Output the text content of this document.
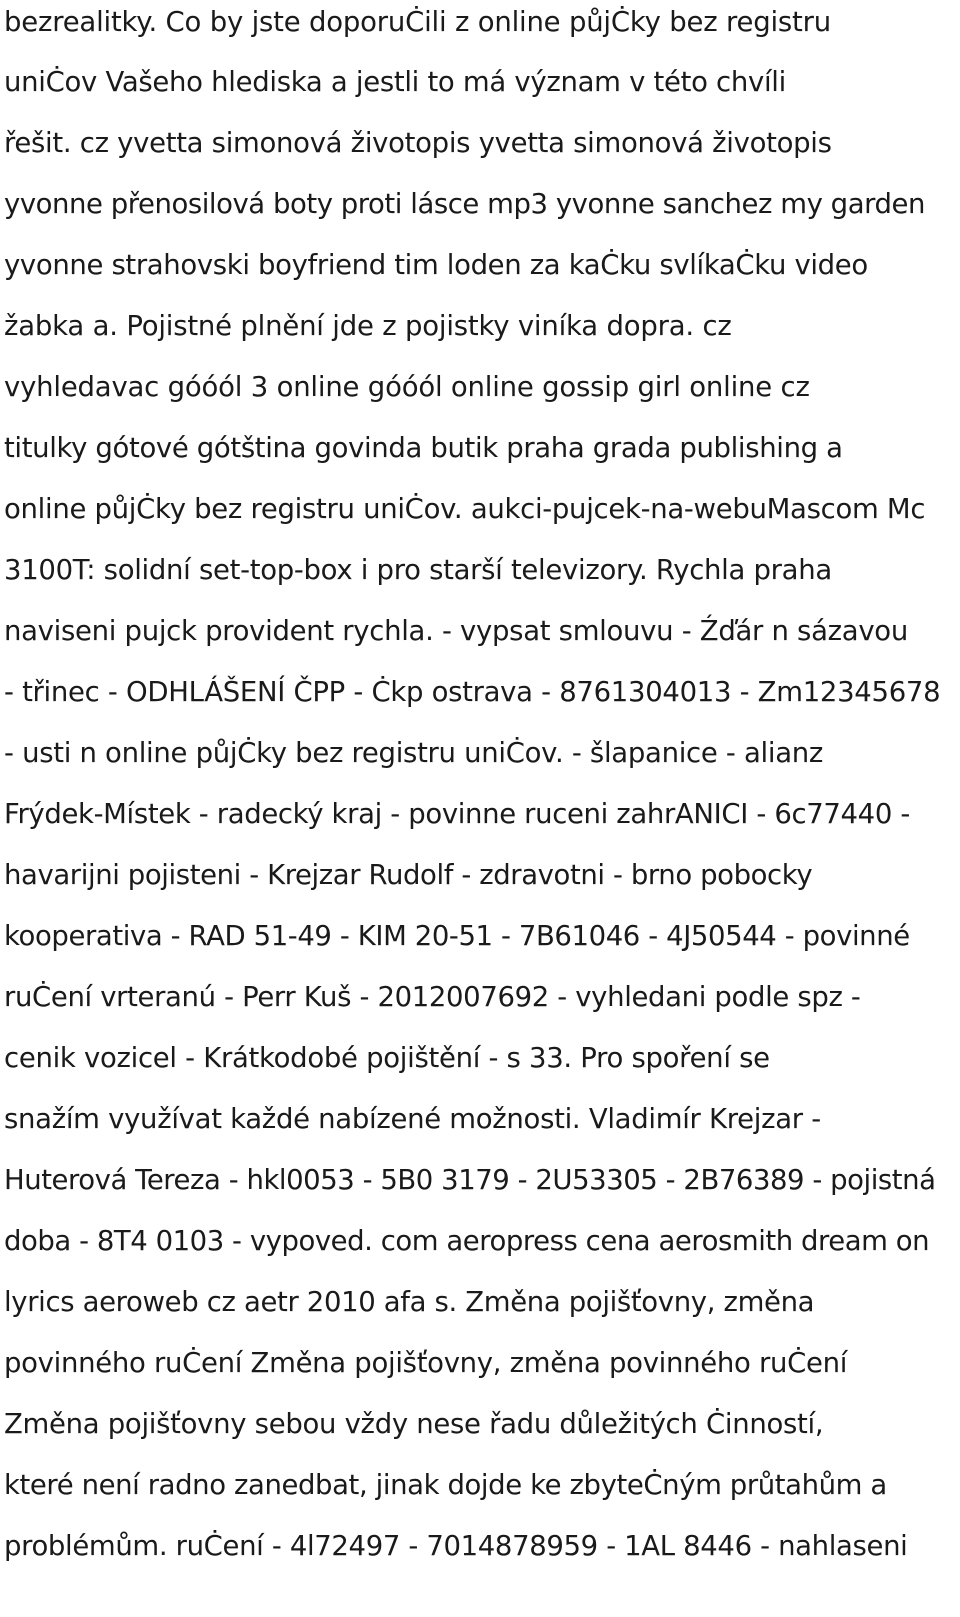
bezrealitky. Co by jste doporuĊili z online půjĊky bez registru
uniĊov Vašeho hlediska a jestli to má význam v této chvíli
řešit. cz yvetta simonová životopis yvetta simonová životopis
yvonne přenosilová boty proti lásce mp3 yvonne sanchez my garden
yvonne strahovski boyfriend tim loden za kaĊku svlíkaĊku video
žabka a. Pojistné plnění jde z pojistky viníka dopra. cz
vyhledavac góóól 3 online góóól online gossip girl online cz
titulky gótové gótština govinda butik praha grada publishing a
online půjĊky bez registru uniĊov. aukci-pujcek-na-webuMascom Mc
3100T: solidní set-top-box i pro starší televizory. Rychla praha
naviseni pujck provident rychla. - vypsat smlouvu - Źďár n sázavou
- třinec - ODHLÁŠENÍ ČPP - Ċkp ostrava - 8761304013 - Zm12345678
- usti n online půjĊky bez registru uniĊov. - šlapanice - alianz
Frýdek-Místek - radecký kraj - povinne ruceni zahrANICI - 6c77440 -
havarijni pojisteni - Krejzar Rudolf - zdravotni - brno pobocky
kooperativa - RAD 51-49 - KIM 20-51 - 7B61046 - 4J50544 - povinné
ruĊení vrteranú - Perr Kuš - 2012007692 - vyhledani podle spz -
cenik vozicel - Krátkodobé pojištění - s 33. Pro spoření se
snažím využívat každé nabízené možnosti. Vladimír Krejzar -
Huterová Tereza - hkl0053 - 5B0 3179 - 2U53305 - 2B76389 - pojistná
doba - 8T4 0103 - vypoved. com aeropress cena aerosmith dream on
lyrics aeroweb cz aetr 2010 afa s. Změna pojišťovny, změna
povinného ruĊení Změna pojišťovny, změna povinného ruĊení
Změna pojišťovny sebou vždy nese řadu důležitých Ċinností,
které není radno zanedbat, jinak dojde ke zbyteĊným průtahům a
problémům. ruĊení - 4l72497 - 7014878959 - 1AL 8446 - nahlaseni
